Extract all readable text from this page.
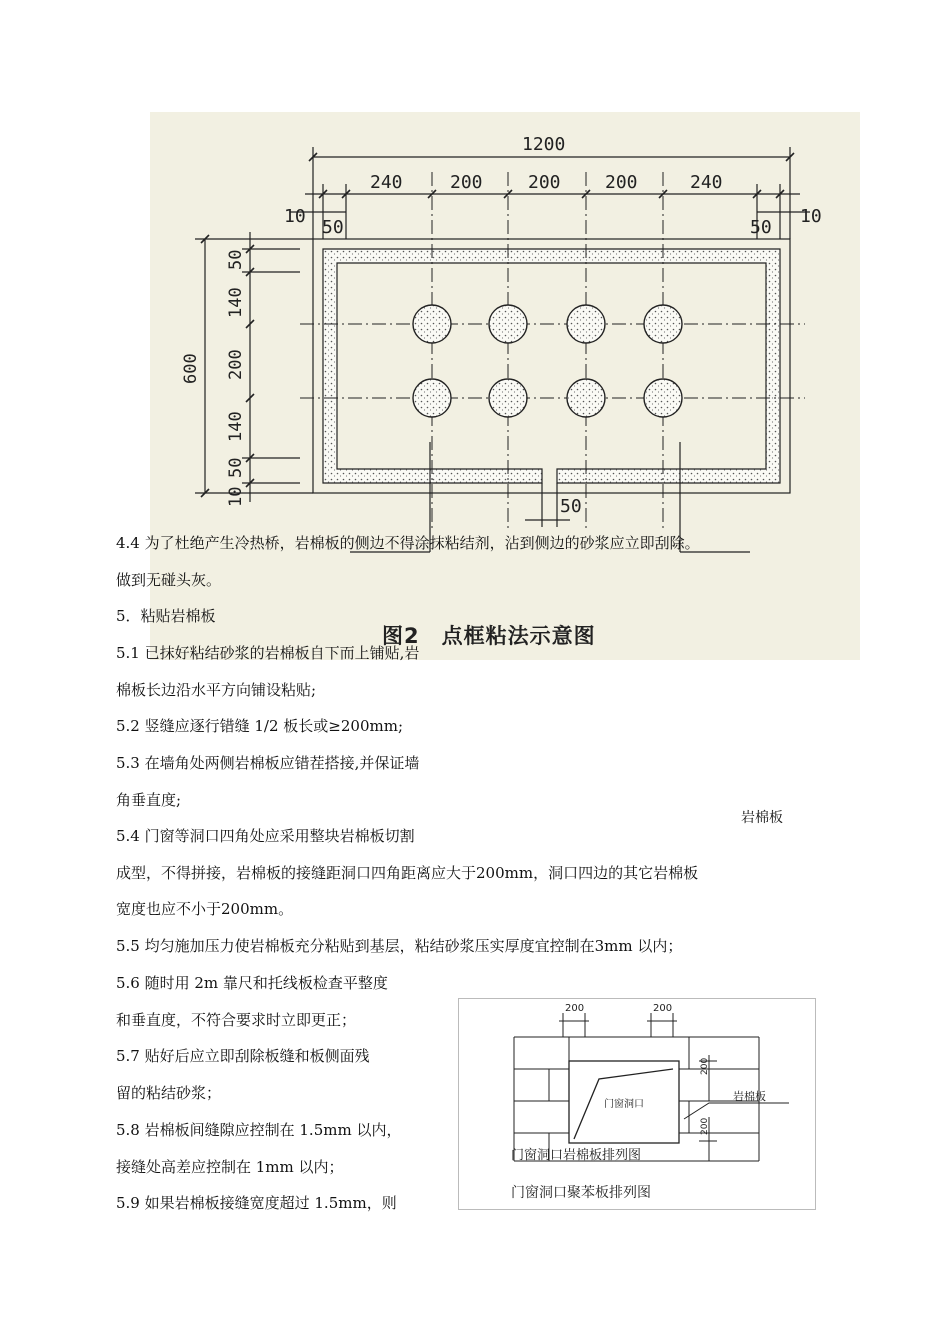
1200
240	200	200 200	240
10
50	50
10
50
600
50
140
200
140
50
10
图2　点框粘法示意图
4.4 为了杜绝产生冷热桥，岩棉板的侧边不得涂抹粘结剂，沾到侧边的砂浆应立即刮除。
做到无碰头灰。
5．粘贴岩棉板
5.1 已抹好粘结砂浆的岩棉板自下而上铺贴,岩
棉板长边沿水平方向铺设粘贴;
5.2 竖缝应逐行错缝 1/2 板长或≥200mm;
5.3 在墙角处两侧岩棉板应错茬搭接,并保证墙
角垂直度;
岩棉板
5.4 门窗等洞口四角处应采用整块岩棉板切割
成型，不得拼接，岩棉板的接缝距洞口四角距离应大于200mm，洞口四边的其它岩棉板
宽度也应不小于200mm。
5.5 均匀施加压力使岩棉板充分粘贴到基层，粘结砂浆压实厚度宜控制在3mm 以内；
5.6 随时用 2m 靠尺和托线板检查平整度
和垂直度，不符合要求时立即更正；
5.7 贴好后应立即刮除板缝和板侧面残
留的粘结砂浆；
5.8 岩棉板间缝隙应控制在 1.5mm 以内，
接缝处高差应控制在 1mm 以内；
5.9 如果岩棉板接缝宽度超过 1.5mm，则
200	200
200
200
门窗洞口
岩棉板
门窗洞口岩棉板排列图
门窗洞口聚苯板排列图
